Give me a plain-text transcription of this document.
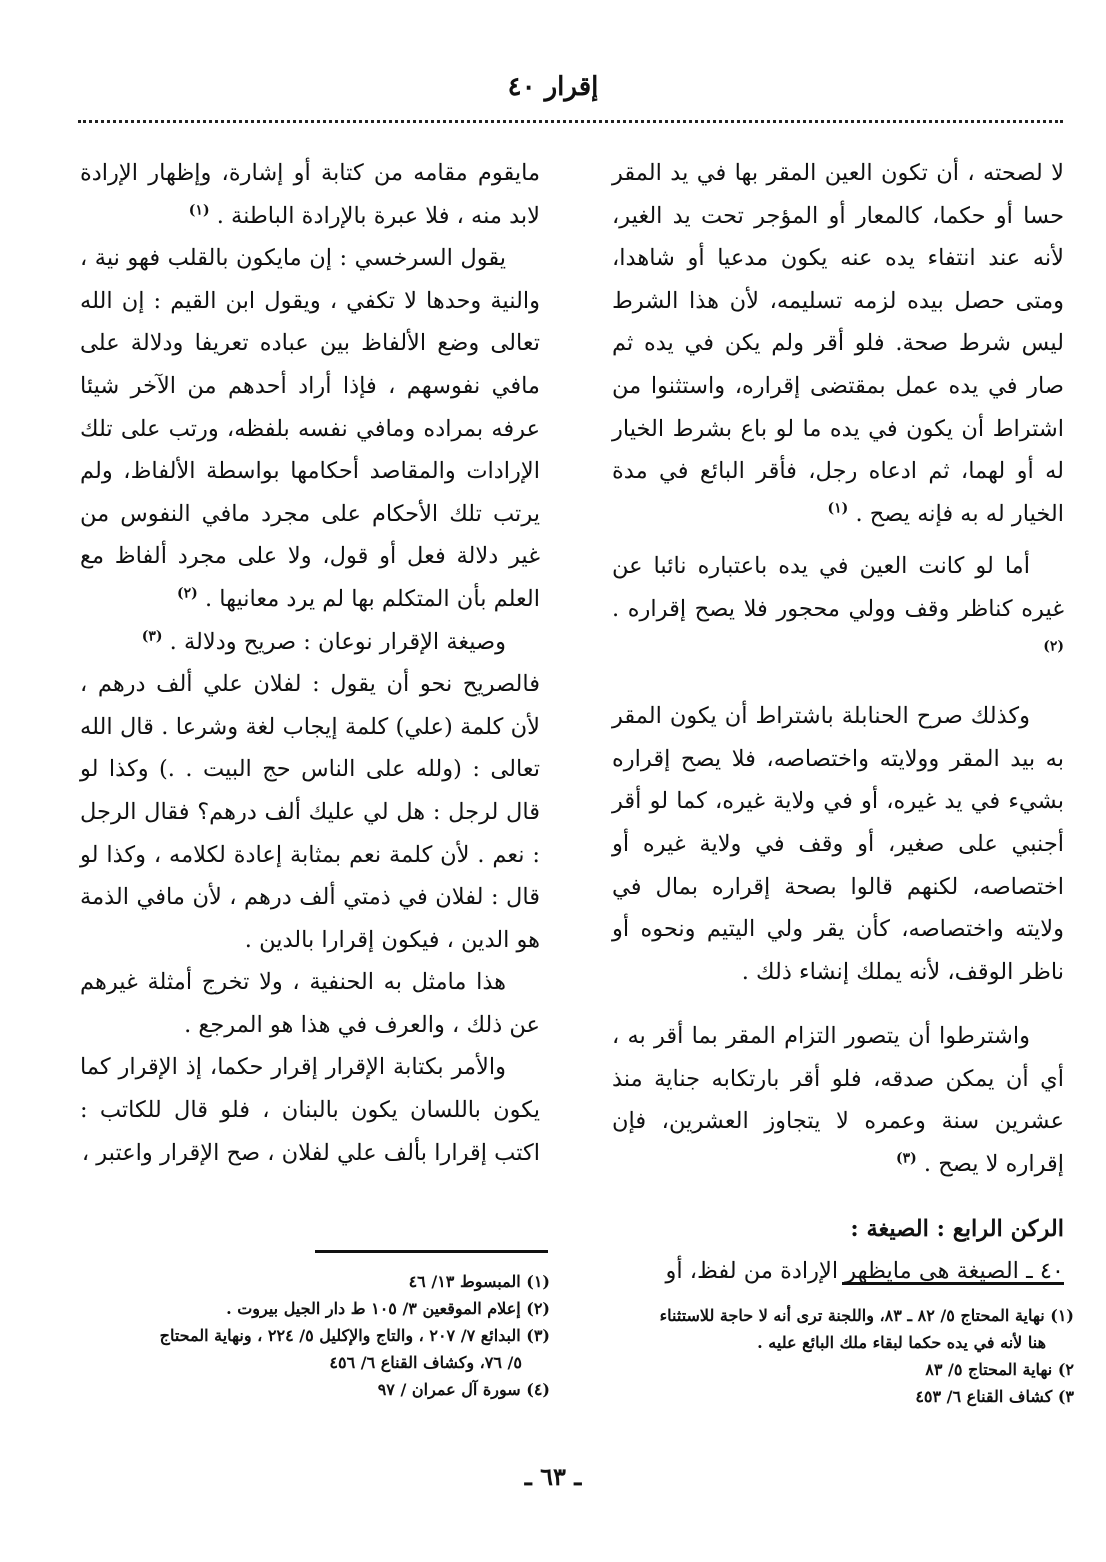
إقرار ٤٠

لا لصحته ، أن تكون العين المقر بها في يد المقر حسا أو حكما، كالمعار أو المؤجر تحت يد الغير، لأنه عند انتفاء يده عنه يكون مدعيا أو شاهدا، ومتى حصل بيده لزمه تسليمه، لأن هذا الشرط ليس شرط صحة. فلو أقر ولم يكن في يده ثم صار في يده عمل بمقتضى إقراره، واستثنوا من اشتراط أن يكون في يده ما لو باع بشرط الخيار له أو لهما، ثم ادعاه رجل، فأقر البائع في مدة الخيار له به فإنه يصح . $^{(١)}$

أما لو كانت العين في يده باعتباره نائبا عن غيره كناظر وقف وولي محجور فلا يصح إقراره . $^{(٢)}$

وكذلك صرح الحنابلة باشتراط أن يكون المقر به بيد المقر وولايته واختصاصه، فلا يصح إقراره بشيء في يد غيره، أو في ولاية غيره، كما لو أقر أجنبي على صغير، أو وقف في ولاية غيره أو اختصاصه، لكنهم قالوا بصحة إقراره بمال في ولايته واختصاصه، كأن يقر ولي اليتيم ونحوه أو ناظر الوقف، لأنه يملك إنشاء ذلك .

واشترطوا أن يتصور التزام المقر بما أقر به ، أي أن يمكن صدقه، فلو أقر بارتكابه جناية منذ عشرين سنة وعمره لا يتجاوز العشرين، فإن إقراره لا يصح . $^{(٣)}$

الركن الرابع : الصيغة :

٤٠ ـ الصيغة هي مايظهر الإرادة من لفظ، أو

مايقوم مقامه من كتابة أو إشارة، وإظهار الإرادة لابد منه ، فلا عبرة بالإرادة الباطنة . $^{(١)}$

يقول السرخسي : إن مايكون بالقلب فهو نية ، والنية وحدها لا تكفي ، ويقول ابن القيم : إن الله تعالى وضع الألفاظ بين عباده تعريفا ودلالة على مافي نفوسهم ، فإذا أراد أحدهم من الآخر شيئا عرفه بمراده ومافي نفسه بلفظه، ورتب على تلك الإرادات والمقاصد أحكامها بواسطة الألفاظ، ولم يرتب تلك الأحكام على مجرد مافي النفوس من غير دلالة فعل أو قول، ولا على مجرد ألفاظ مع العلم بأن المتكلم بها لم يرد معانيها . $^{(٢)}$

وصيغة الإقرار نوعان : صريح ودلالة . $^{(٣)}$

فالصريح نحو أن يقول : لفلان علي ألف درهم ، لأن كلمة (علي) كلمة إيجاب لغة وشرعا . قال الله تعالى : (ولله على الناس حج البيت . .) وكذا لو قال لرجل : هل لي عليك ألف درهم؟ فقال الرجل : نعم . لأن كلمة نعم بمثابة إعادة لكلامه ، وكذا لو قال : لفلان في ذمتي ألف درهم ، لأن مافي الذمة هو الدين ، فيكون إقرارا بالدين .

هذا مامثل به الحنفية ، ولا تخرج أمثلة غيرهم عن ذلك ، والعرف في هذا هو المرجع .

والأمر بكتابة الإقرار إقرار حكما، إذ الإقرار كما يكون باللسان يكون بالبنان ، فلو قال للكاتب : اكتب إقرارا بألف علي لفلان ، صح الإقرار واعتبر ،

(١) نهاية المحتاج ٥/ ٨٢ ـ ٨٣، واللجنة ترى أنه لا حاجة للاستثناء

هنا لأنه في يده حكما لبقاء ملك البائع عليه .

٢) نهاية المحتاج ٥/ ٨٣

٣) كشاف القناع ٦/ ٤٥٣

(١) المبسوط ١٣/ ٤٦

(٢) إعلام الموقعين ٣/ ١٠٥ ط دار الجيل بيروت .

(٣) البدائع ٧/ ٢٠٧ ، والتاج والإكليل ٥/ ٢٢٤ ، ونهاية المحتاج

٥/ ٧٦، وكشاف القناع ٦/ ٤٥٦

(٤) سورة آل عمران / ٩٧

ـ ٦٣ ـ
